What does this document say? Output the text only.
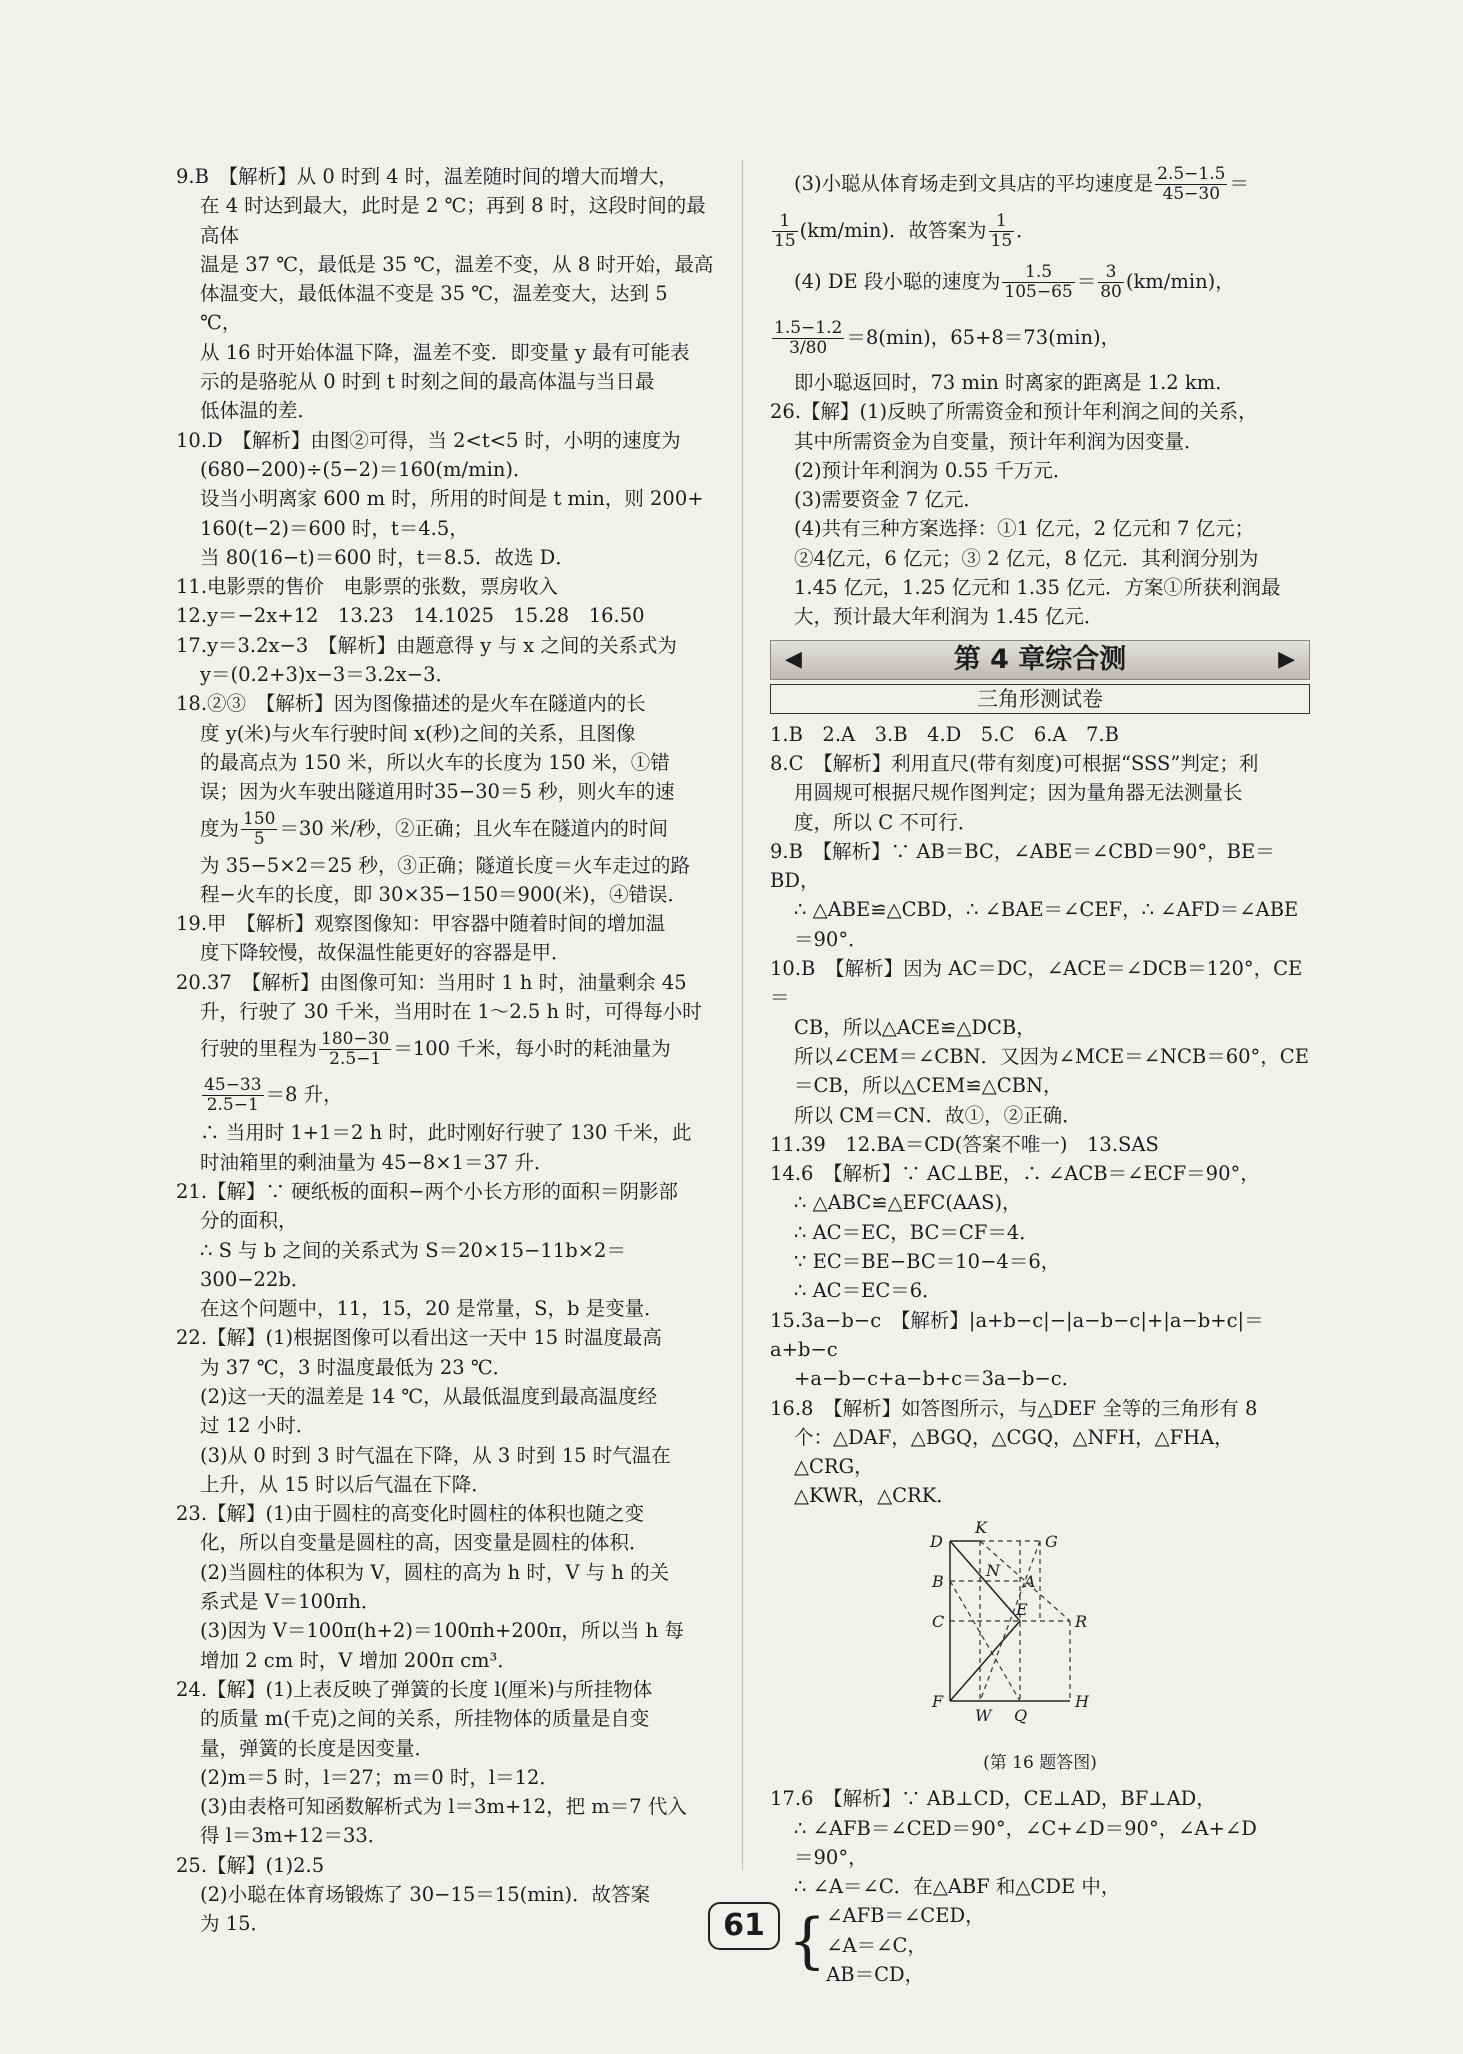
9.B　【解析】从 0 时到 4 时，温差随时间的增大而增大，

在 4 时达到最大，此时是 2 ℃；再到 8 时，这段时间的最高体

温是 37 ℃，最低是 35 ℃，温差不变，从 8 时开始，最高

体温变大，最低体温不变是 35 ℃，温差变大，达到 5 ℃，

从 16 时开始体温下降，温差不变．即变量 y 最有可能表

示的是骆驼从 0 时到 t 时刻之间的最高体温与当日最

低体温的差．

10.D　【解析】由图②可得，当 2<t<5 时，小明的速度为

(680−200)÷(5−2)＝160(m/min)．

设当小明离家 600 m 时，所用的时间是 t min，则 200+

160(t−2)＝600 时，t＝4.5，

当 80(16−t)＝600 时，t＝8.5．故选 D．

11.电影票的售价　电影票的张数，票房收入

12.y＝−2x+12　13.23　14.1025　15.28　16.50

17.y＝3.2x−3　【解析】由题意得 y 与 x 之间的关系式为

y＝(0.2+3)x−3＝3.2x−3．

18.②③　【解析】因为图像描述的是火车在隧道内的长

度 y(米)与火车行驶时间 x(秒)之间的关系，且图像

的最高点为 150 米，所以火车的长度为 150 米，①错

误；因为火车驶出隧道用时35−30＝5 秒，则火车的速

度为 $\frac{150}{5} =30$ 米/秒，②正确；且火车在隧道内的时间

为 35−5×2＝25 秒，③正确；隧道长度＝火车走过的路

程−火车的长度，即 30×35−150＝900(米)，④错误．

19.甲　【解析】观察图像知：甲容器中随着时间的增加温

度下降较慢，故保温性能更好的容器是甲．

20.37　【解析】由图像可知：当用时 1 h 时，油量剩余 45

升，行驶了 30 千米，当用时在 1～2.5 h 时，可得每小时

行驶的里程为 $\frac{180-30}{2.5-1} =100$ 千米，每小时的耗油量为

$\frac{45-33}{2.5-1} =8$ 升，

∴ 当用时 1+1＝2 h 时，此时刚好行驶了 130 千米，此

时油箱里的剩油量为 45−8×1＝37 升．

21.【解】∵ 硬纸板的面积−两个小长方形的面积＝阴影部

分的面积，

∴ S 与 b 之间的关系式为 S＝20×15−11b×2＝300−22b．

在这个问题中，11，15，20 是常量，S，b 是变量．

22.【解】(1)根据图像可以看出这一天中 15 时温度最高

为 37 ℃，3 时温度最低为 23 ℃．

(2)这一天的温差是 14 ℃，从最低温度到最高温度经

过 12 小时．

(3)从 0 时到 3 时气温在下降，从 3 时到 15 时气温在

上升，从 15 时以后气温在下降．

23.【解】(1)由于圆柱的高变化时圆柱的体积也随之变

化，所以自变量是圆柱的高，因变量是圆柱的体积．

(2)当圆柱的体积为 V，圆柱的高为 h 时，V 与 h 的关

系式是 V＝100πh．

(3)因为 V＝100π(h+2)＝100πh+200π，所以当 h 每

增加 2 cm 时，V 增加 200π cm³．

24.【解】(1)上表反映了弹簧的长度 l(厘米)与所挂物体

的质量 m(千克)之间的关系，所挂物体的质量是自变

量，弹簧的长度是因变量．

(2)m＝5 时，l＝27；m＝0 时，l＝12．

(3)由表格可知函数解析式为 l＝3m+12，把 m＝7 代入

得 l＝3m+12＝33．

25.【解】(1)2.5

(2)小聪在体育场锻炼了 30−15＝15(min)．故答案

为 15．

(3)小聪从体育场走到文具店的平均速度是 $\frac{2.5-1.5}{45-30}$ ＝

$\frac{1}{15} (km/\min)$．故答案为 $\frac{1}{15}$ ．

(4) DE 段小聪的速度为 $\frac{1.5}{105-65} = \frac{3}{80} (km/\min)$，

$\frac{1.5-1.2}{3/80} =8(\min)$，65+8＝73(min)，

即小聪返回时，73 min 时离家的距离是 1.2 km．

26.【解】(1)反映了所需资金和预计年利润之间的关系，

其中所需资金为自变量，预计年利润为因变量．

(2)预计年利润为 0.55 千万元．

(3)需要资金 7 亿元．

(4)共有三种方案选择：①1 亿元，2 亿元和 7 亿元；

②4亿元，6 亿元；③ 2 亿元，8 亿元．其利润分别为

1.45 亿元，1.25 亿元和 1.35 亿元．方案①所获利润最

大，预计最大年利润为 1.45 亿元．

◀	第 4 章综合测	▶
三角形测试卷

1.B　2.A　3.B　4.D　5.C　6.A　7.B

8.C　【解析】利用直尺(带有刻度)可根据“SSS”判定；利

用圆规可根据尺规作图判定；因为量角器无法测量长

度，所以 C 不可行．

9.B　【解析】∵ AB＝BC，∠ABE＝∠CBD＝90°，BE＝BD，

∴ △ABE≌△CBD，∴ ∠BAE＝∠CEF，∴ ∠AFD＝∠ABE＝90°．

10.B　【解析】因为 AC＝DC，∠ACE＝∠DCB＝120°，CE＝

CB，所以△ACE≌△DCB，

所以∠CEM＝∠CBN．又因为∠MCE＝∠NCB＝60°，CE

＝CB，所以△CEM≌△CBN，

所以 CM＝CN．故①，②正确．

11.39　12.BA＝CD(答案不唯一)　13.SAS

14.6　【解析】∵ AC⊥BE，∴ ∠ACB＝∠ECF＝90°，

∴ △ABC≌△EFC(AAS)，

∴ AC＝EC，BC＝CF＝4．

∵ EC＝BE−BC＝10−4＝6，

∴ AC＝EC＝6．

15.3a−b−c　【解析】|a+b−c|−|a−b−c|+|a−b+c|＝a+b−c

+a−b−c+a−b+c＝3a−b−c．

16.8　【解析】如答图所示，与△DEF 全等的三角形有 8

个：△DAF，△BGQ，△CGQ，△NFH，△FHA，△CRG，

△KWR，△CRK．

D
K
G
B
N
A
C
E
R
F
W Q
H
(第 16 题答图)

17.6　【解析】∵ AB⊥CD，CE⊥AD，BF⊥AD，

∴ ∠AFB＝∠CED＝90°，∠C+∠D＝90°，∠A+∠D

＝90°，

∴ ∠A＝∠C．在△ABF 和△CDE 中，

{ ∠AFB＝∠CED，

∠A＝∠C，

AB＝CD，

61
